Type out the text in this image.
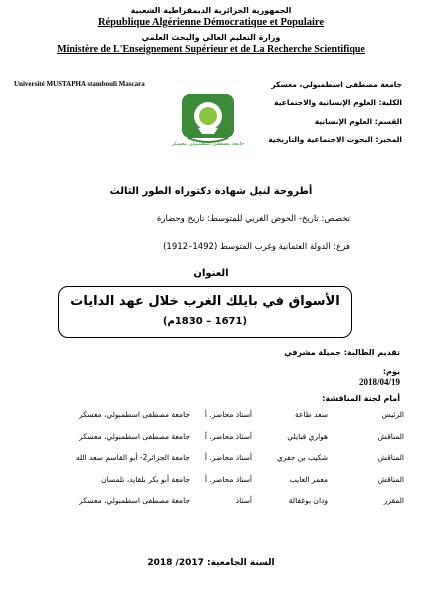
الجمهورية الجزائرية الديمقراطية الشعبية
République Algérienne Démocratique et Populaire
وزارة التعليم العالي والبحث العلمي
Ministère de L'Enseignement Supérieur et de La Recherche Scientifique
Université MUSTAPHA stambouli Mascara
جامعة مصطفى اسطمبولي معسكر
جامعة مصطفى اسطمبولي، معسكر
الكلية: العلوم الإنسانية والاجتماعية
القسم: العلوم الإنسانية
المخبر: البحوث الاجتماعية والتاريخية
أطروحة لنيل شهادة دكتوراه الطور الثالث
تخصص: تاريخ- الحوض الغربي للمتوسط: تاريخ وحضارة
فرع: الدولة العثمانية وغرب المتوسط (1492–1912)
العنوان
الأسواق في بايلك الغرب خلال عهد الدايات
(1671 – 1830م)
تقديم الطالبة: جميلة مشرفي
يوم:
2018/04/19
أمام لجنة المناقشة:
الرئيس
سعد طاعة
أستاذ محاضر. أ
جامعة مصطفى اسطمبولي، معسكر
المناقش
هواري قبايلي
أستاذ محاضر. أ
جامعة مصطفى اسطمبولي، معسكر
المناقش
شكيب بن حفري
أستاذ محاضر. أ
جامعة الجزائر2- أبو القاسم سعد الله
المناقش
معمر العايب
أستاذ محاضر. أ
جامعة أبو بكر بلقايد، تلمسان
المقرر
ودان بوغفالة
أستاذ
جامعة مصطفى اسطمبولي، معسكر
السنة الجامعية: 2017/ 2018
